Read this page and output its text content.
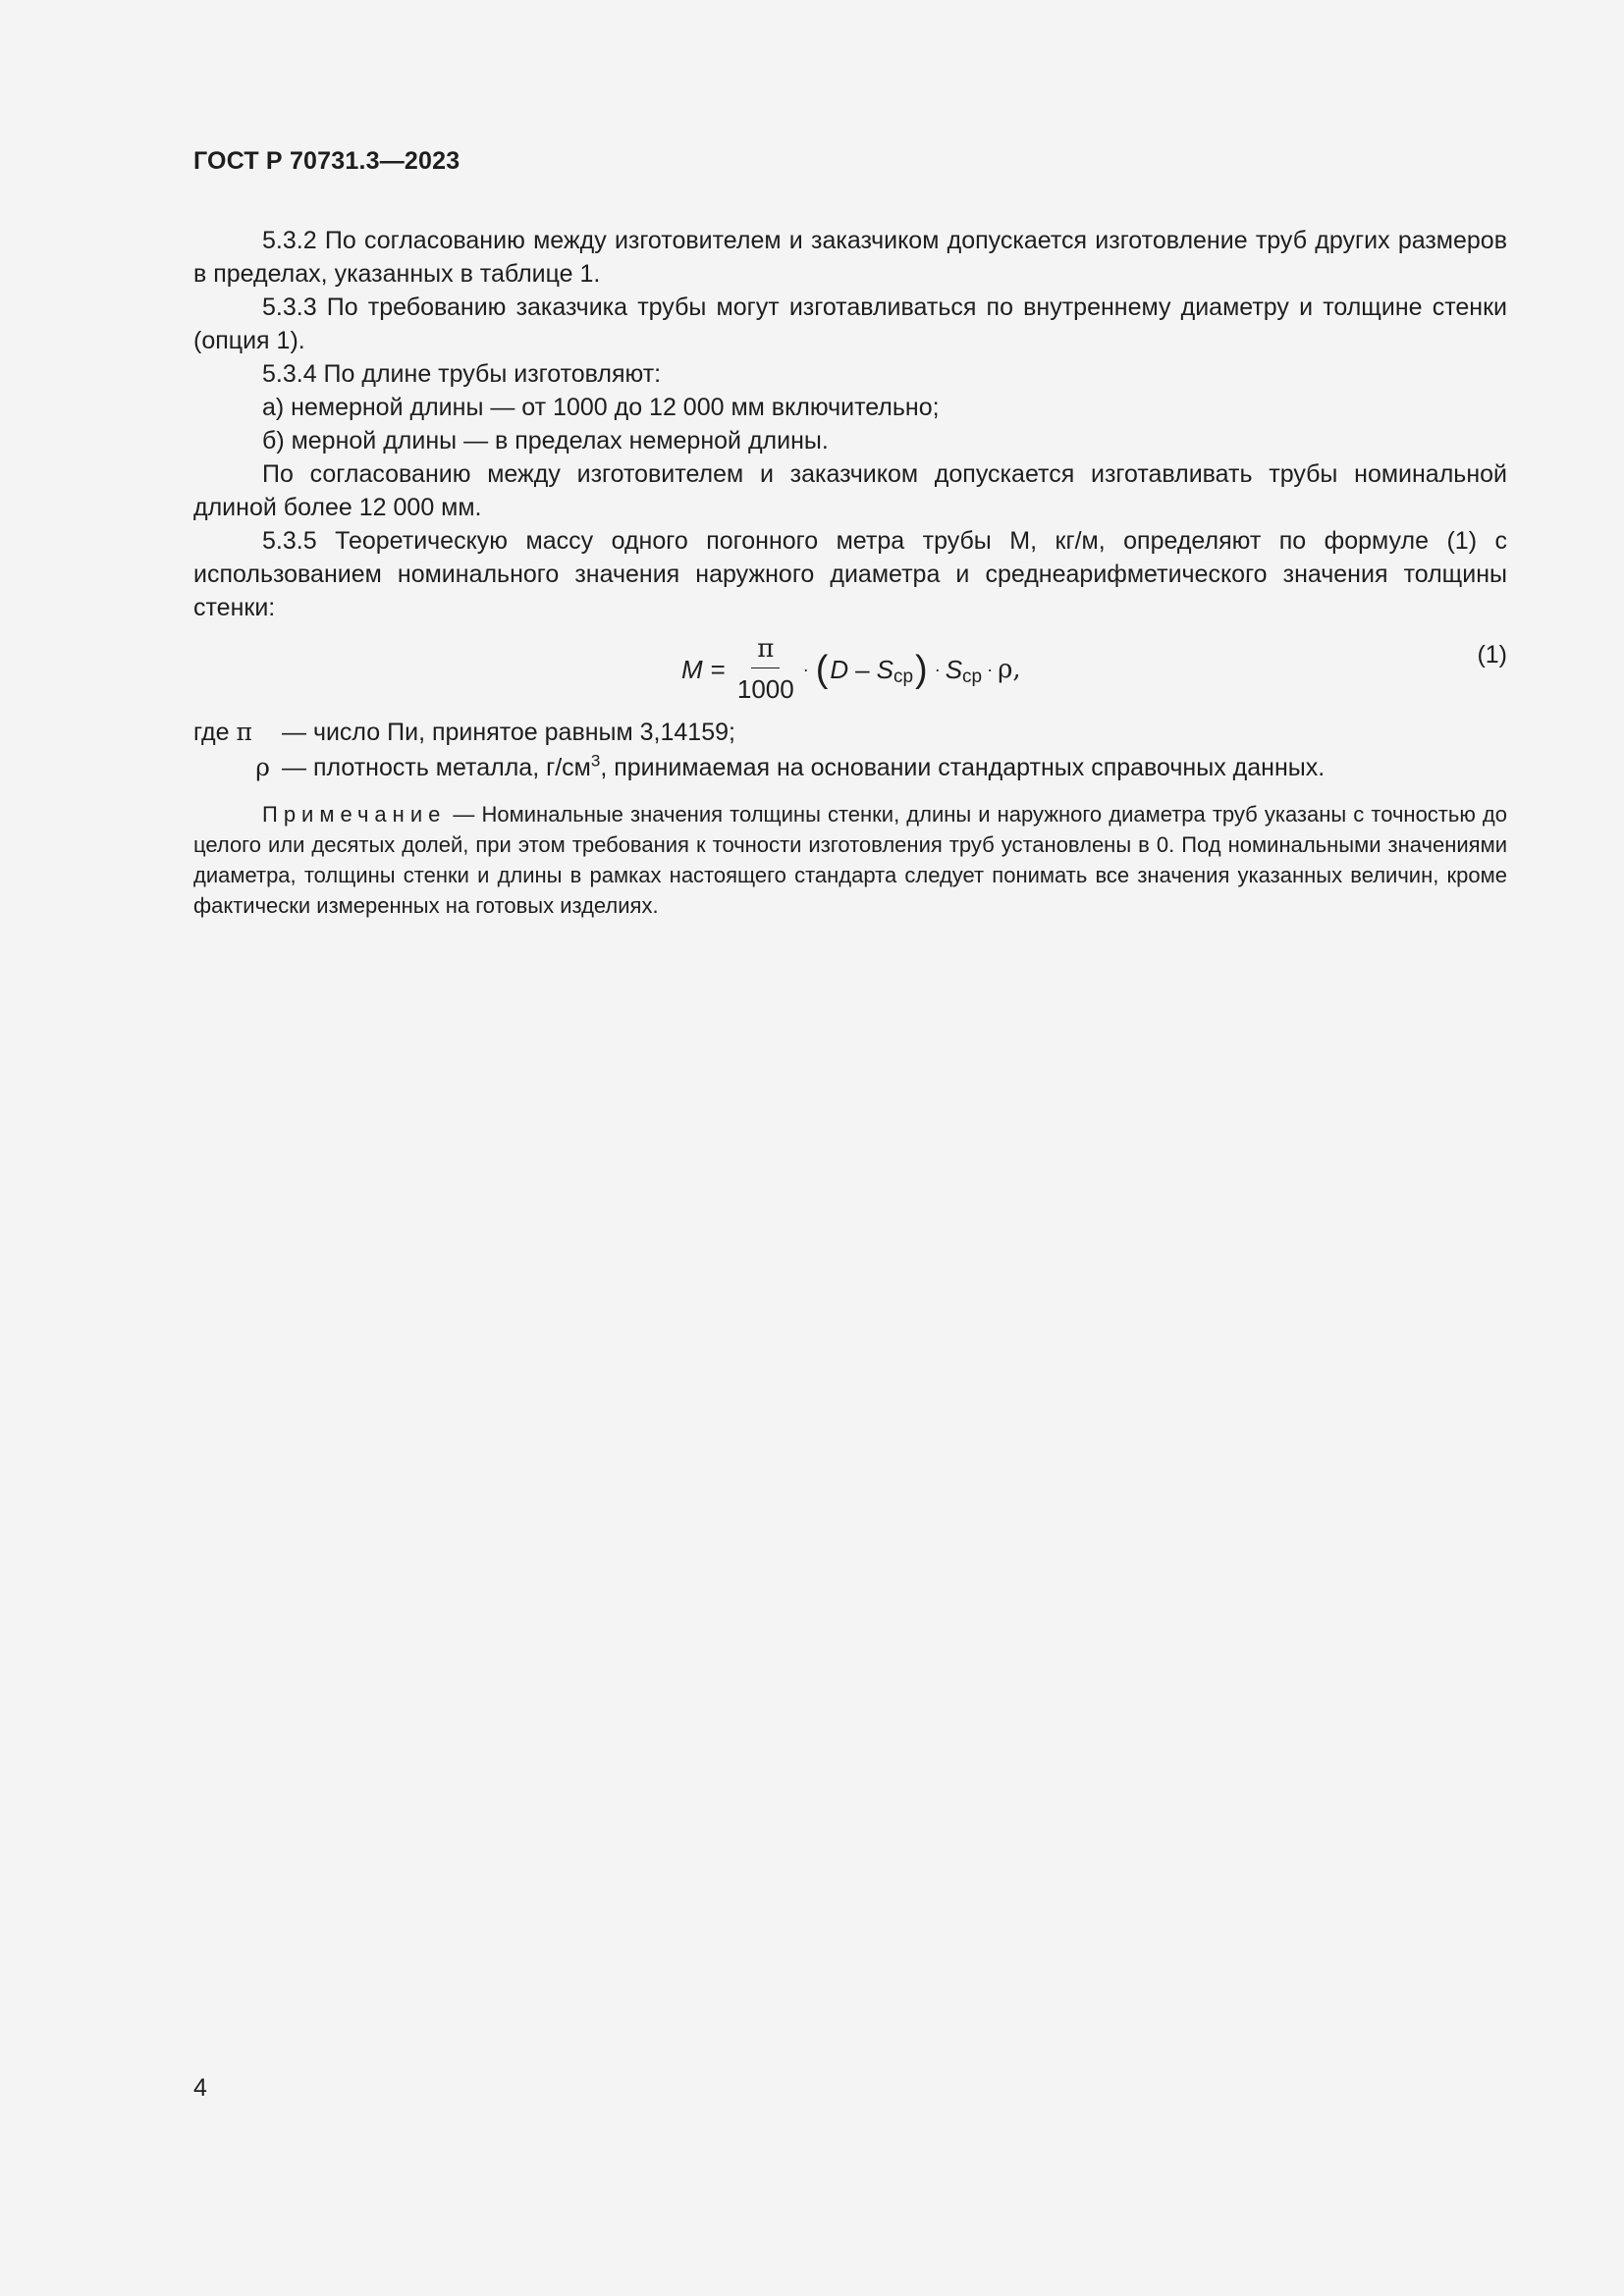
ГОСТ Р 70731.3—2023

5.3.2 По согласованию между изготовителем и заказчиком допускается изготовление труб других размеров в пределах, указанных в таблице 1.

5.3.3 По требованию заказчика трубы могут изготавливаться по внутреннему диаметру и толщине стенки (опция 1).

5.3.4 По длине трубы изготовляют:

а) немерной длины — от 1000 до 12 000 мм включительно;

б) мерной длины — в пределах немерной длины.

По согласованию между изготовителем и заказчиком допускается изготавливать трубы номинальной длиной более 12 000 мм.

5.3.5 Теоретическую массу одного погонного метра трубы М, кг/м, определяют по формуле (1) с использованием номинального значения наружного диаметра и среднеарифметического значения толщины стенки:

$M = \frac{\pi}{1000}$ · ( D – S ср ) · S ср · ρ,	(1)
где π	— число Пи, принятое равным 3,14159;
ρ — плотность металла, $г/см^3$, принимаемая на основании стандартных справочных данных.

Примечание — Номинальные значения толщины стенки, длины и наружного диаметра труб указаны с точностью до целого или десятых долей, при этом требования к точности изготовления труб установлены в 0. Под номинальными значениями диаметра, толщины стенки и длины в рамках настоящего стандарта следует понимать все значения указанных величин, кроме фактически измеренных на готовых изделиях.

4
